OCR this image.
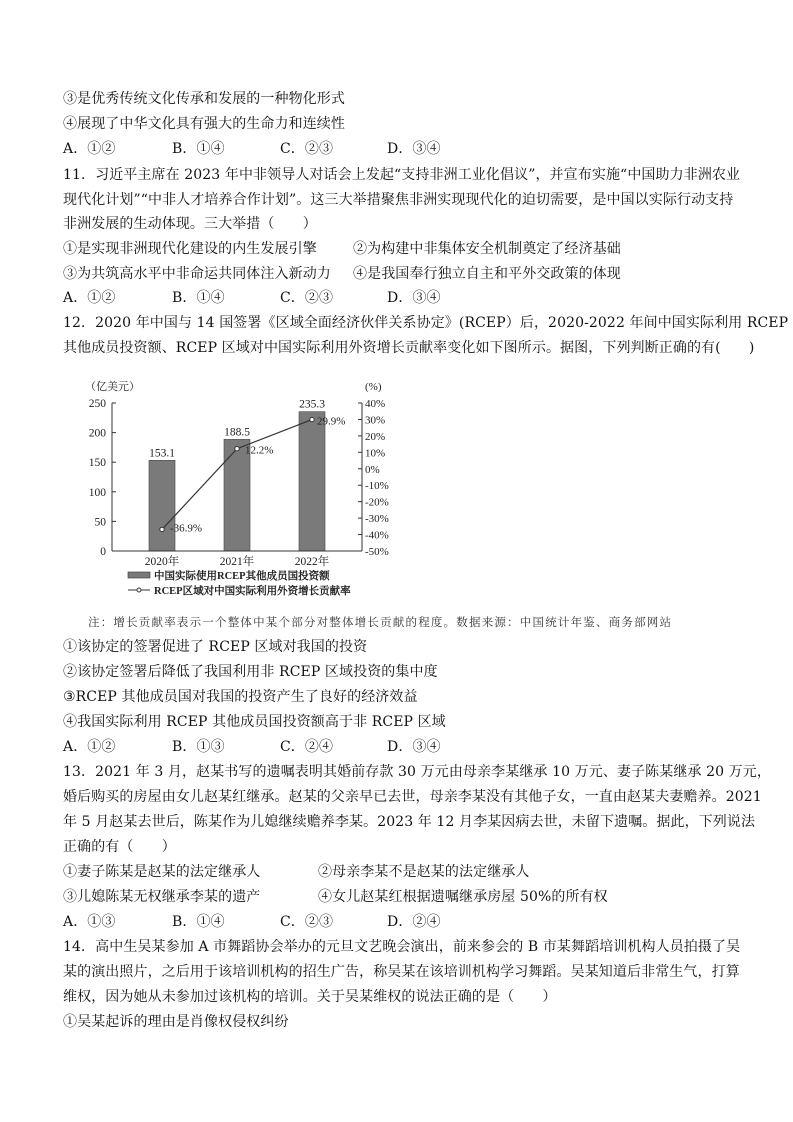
③是优秀传统文化传承和发展的一种物化形式
④展现了中华文化具有强大的生命力和连续性
A．①②	B．①④	C．②③	D．③④
11．习近平主席在 2023 年中非领导人对话会上发起“支持非洲工业化倡议”，并宣布实施“中国助力非洲农业
现代化计划”“中非人才培养合作计划”。这三大举措聚焦非洲实现现代化的迫切需要，是中国以实际行动支持
非洲发展的生动体现。三大举措（　　）
①是实现非洲现代化建设的内生发展引擎	②为构建中非集体安全机制奠定了经济基础
③为共筑高水平中非命运共同体注入新动力 ④是我国奉行独立自主和平外交政策的体现
A．①②	B．①④	C．②③	D．③④
12．2020 年中国与 14 国签署《区域全面经济伙伴关系协定》(RCEP）后，2020-2022 年间中国实际利用 RCEP
其他成员投资额、RCEP 区域对中国实际利用外资增长贡献率变化如下图所示。据图，下列判断正确的有(　　)
（亿美元）	(%)
0
50
100
150
200
250
-50%
-40%
-30%
-20%
-10%
0%
10%
20%
30%
40%
153.1
188.5
235.3
-36.9%
12.2%
29.9%
2020年	2021年	2022年
中国实际使用RCEP其他成员国投资额
RCEP区域对中国实际利用外资增长贡献率
注：增长贡献率表示一个整体中某个部分对整体增长贡献的程度。数据来源：中国统计年鉴、商务部网站
①该协定的签署促进了 RCEP 区域对我国的投资
②该协定签署后降低了我国利用非 RCEP 区域投资的集中度
③RCEP 其他成员国对我国的投资产生了良好的经济效益
④我国实际利用 RCEP 其他成员国投资额高于非 RCEP 区域
A．①②	B．①③	C．②④	D．③④
13．2021 年 3 月，赵某书写的遗嘱表明其婚前存款 30 万元由母亲李某继承 10 万元、妻子陈某继承 20 万元，
婚后购买的房屋由女儿赵某红继承。赵某的父亲早已去世，母亲李某没有其他子女，一直由赵某夫妻赡养。2021
年 5 月赵某去世后，陈某作为儿媳继续赡养李某。2023 年 12 月李某因病去世，未留下遗嘱。据此，下列说法
正确的有（　　）
①妻子陈某是赵某的法定继承人	②母亲李某不是赵某的法定继承人
③儿媳陈某无权继承李某的遗产	④女儿赵某红根据遗嘱继承房屋 50%的所有权
A．①③	B．①④	C．②③	D．②④
14．高中生吴某参加 A 市舞蹈协会举办的元旦文艺晚会演出，前来参会的 B 市某舞蹈培训机构人员拍摄了吴
某的演出照片，之后用于该培训机构的招生广告，称吴某在该培训机构学习舞蹈。吴某知道后非常生气，打算
维权，因为她从未参加过该机构的培训。关于吴某维权的说法正确的是（　　）
①吴某起诉的理由是肖像权侵权纠纷
